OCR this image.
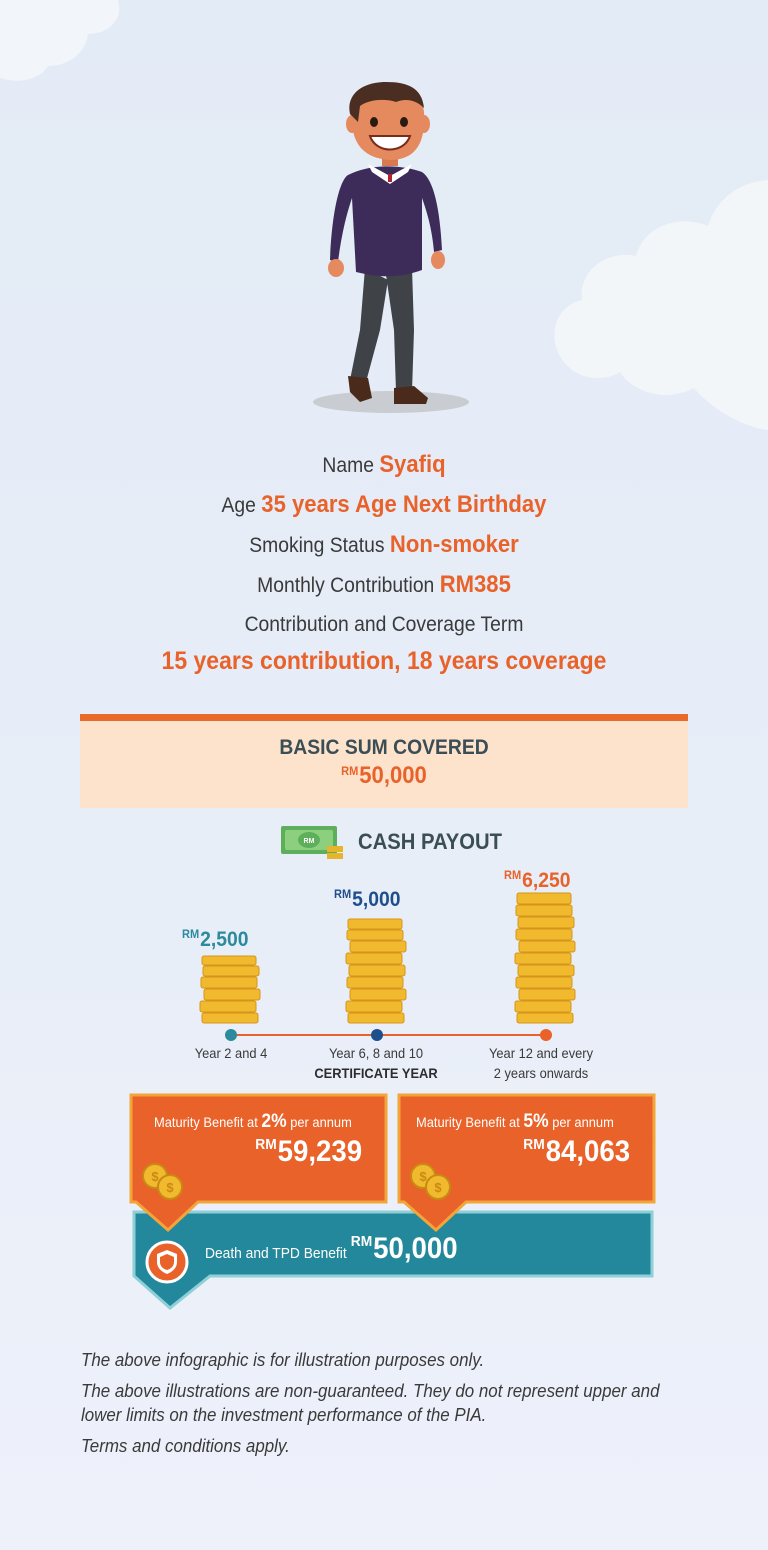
Name Syafiq
Age 35 years Age Next Birthday
Smoking Status Non-smoker
Monthly Contribution RM385
Contribution and Coverage Term
15 years contribution, 18 years coverage
BASIC SUM COVERED
$^{RM}$50,000
RM CASH PAYOUT
$^{RM}$2,500
$^{RM}$5,000
$^{RM}$6,250
Year 2 and 4	Year 6, 8 and 10
CERTIFICATE YEAR
Year 12 and every
2 years onwards
$
$
$
$
Maturity Benefit at 2% per annum
$^{RM}$59,239
Maturity Benefit at 5% per annum
$^{RM}$84,063
Death and TPD Benefit $^{RM}$50,000

The above infographic is for illustration purposes only.

The above illustrations are non-guaranteed. They do not represent upper and lower limits on the investment performance of the PIA.

Terms and conditions apply.
